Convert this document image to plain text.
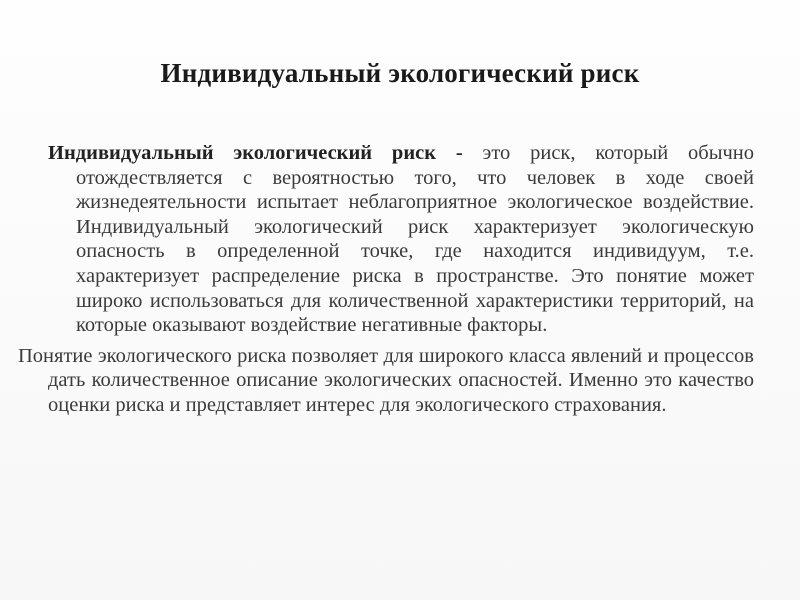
Индивидуальный экологический риск

Индивидуальный экологический риск - это риск, который обычно отождествляется с вероятностью того, что человек в ходе своей жизнедеятельности испытает неблагоприятное экологическое воздействие. Индивидуальный экологический риск характеризует экологическую опасность в определенной точке, где находится индивидуум, т.е. характеризует распределение риска в пространстве. Это понятие может широко использоваться для количественной характеристики территорий, на которые оказывают воздействие негативные факторы.

Понятие экологического риска позволяет для широкого класса явлений и процессов дать количественное описание экологических опасностей. Именно это качество оценки риска и представляет интерес для экологического страхования.
